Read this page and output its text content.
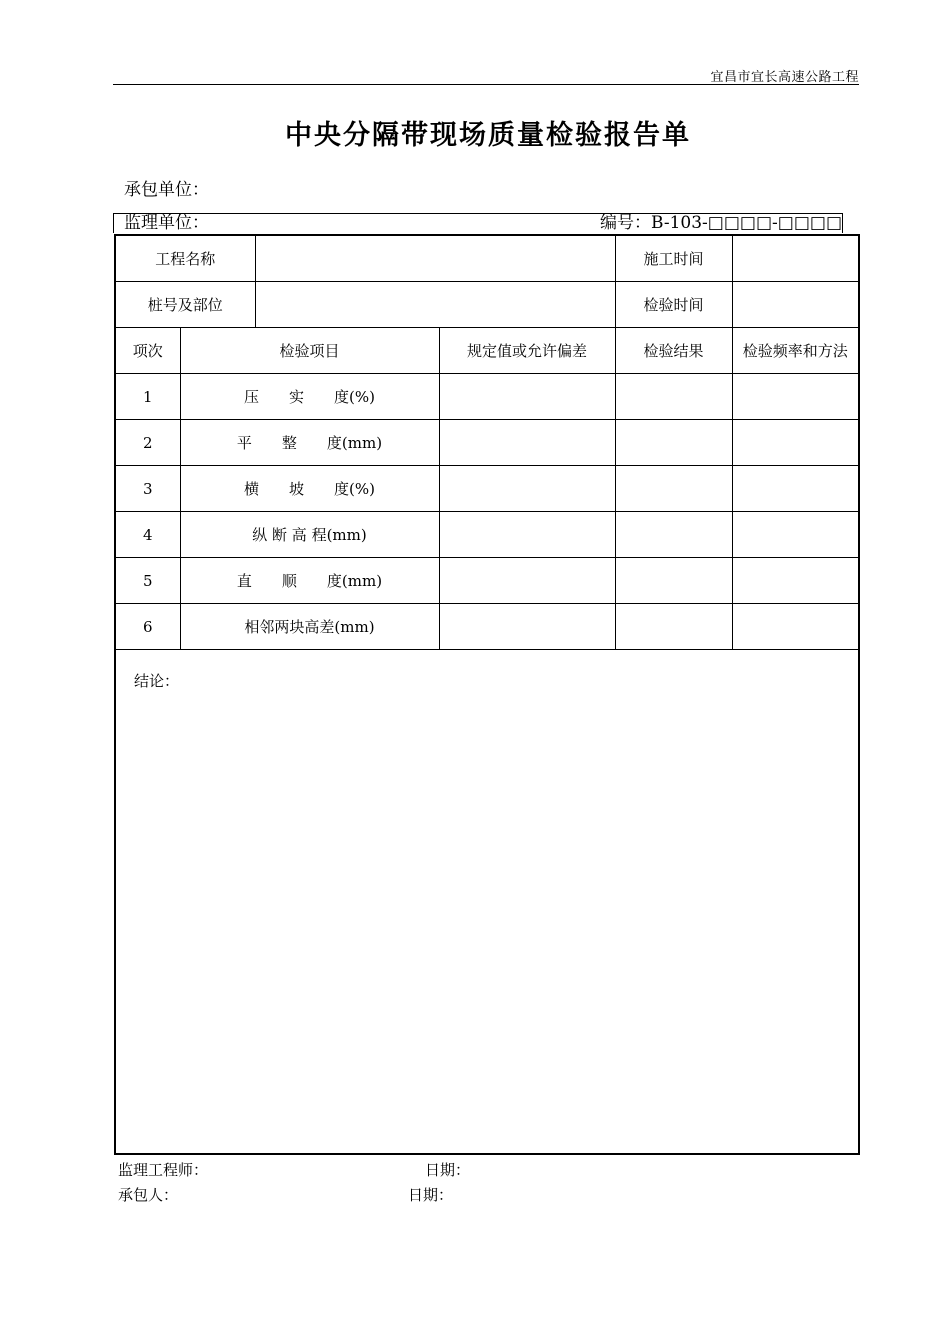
宜昌市宜长高速公路工程
中央分隔带现场质量检验报告单
承包单位：
监理单位：	编号：B-103-□□□□-□□□□
工程名称				施工时间	
桩号及部位				检验时间	
项次	检验项目		规定值或允许偏差	检验结果	检验频率和方法
1	压　　实　　度(%)				
2	平　　整　　度(mm)				
3	横　　坡　　度(%)				
4	纵 断 高 程(mm)				
5	直　　顺　　度(mm)				
6	相邻两块高差(mm)				
结论：					
监理工程师：	日期：
承包人：	日期：
